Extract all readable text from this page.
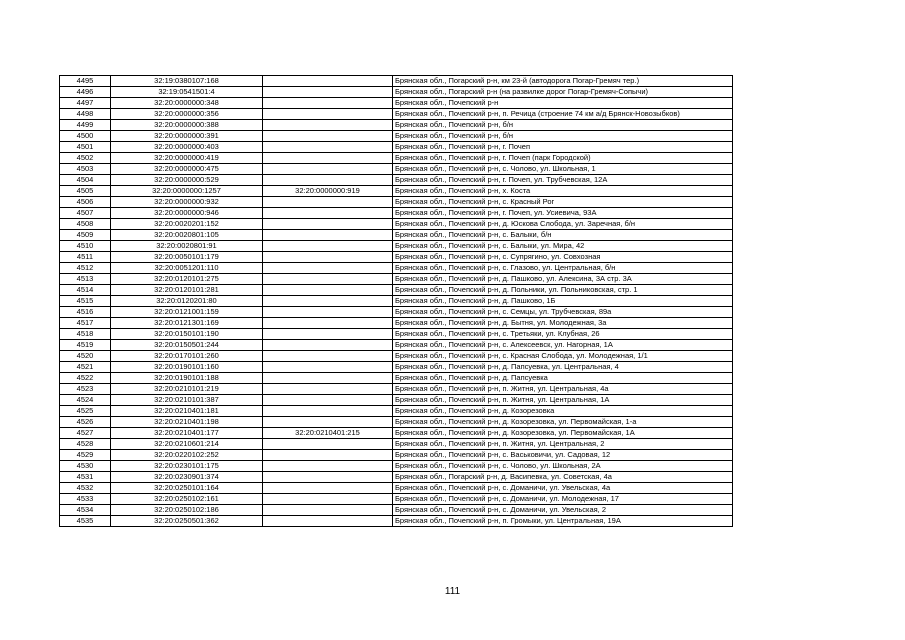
4495	32:19:0380107:168		Брянская обл., Погарский р-н, км 23-й (автодорога Погар-Гремяч тер.)
4496	32:19:0541501:4		Брянская обл., Погарский р-н (на развилке дорог Погар-Гремяч-Сопычи)
4497	32:20:0000000:348		Брянская обл., Почепский р-н
4498	32:20:0000000:356		Брянская обл., Почепский р-н, п. Речица (строение 74 км а/д Брянск-Новозыбков)
4499	32:20:0000000:388		Брянская обл., Почепский р-н, б/н
4500	32:20:0000000:391		Брянская обл., Почепский р-н, б/н
4501	32:20:0000000:403		Брянская обл., Почепский р-н, г. Почеп
4502	32:20:0000000:419		Брянская обл., Почепский р-н, г. Почеп (парк Городской)
4503	32:20:0000000:475		Брянская обл., Почепский р-н, с. Чолово, ул. Школьная, 1
4504	32:20:0000000:529		Брянская обл., Почепский р-н, г. Почеп, ул. Трубчевская, 12А
4505	32:20:0000000:1257	32:20:0000000:919	Брянская обл., Почепский р-н, х. Коста
4506	32:20:0000000:932		Брянская обл., Почепский р-н, с. Красный Рог
4507	32:20:0000000:946		Брянская обл., Почепский р-н, г. Почеп, ул. Усиевича, 93А
4508	32:20:0020201:152		Брянская обл., Почепский р-н, д. Юскова Слобода, ул. Заречная, б/н
4509	32:20:0020801:105		Брянская обл., Почепский р-н, с. Балыки, б/н
4510	32:20:0020801:91		Брянская обл., Почепский р-н, с. Балыки, ул. Мира, 42
4511	32:20:0050101:179		Брянская обл., Почепский р-н, с. Супрягино, ул. Совхозная
4512	32:20:0051201:110		Брянская обл., Почепский р-н, с. Глазово, ул. Центральная, б/н
4513	32:20:0120101:275		Брянская обл., Почепский р-н, д. Пашково, ул. Алексина, 3А стр. 3А
4514	32:20:0120101:281		Брянская обл., Почепский р-н, д. Польники, ул. Польниковская, стр. 1
4515	32:20:0120201:80		Брянская обл., Почепский р-н, д. Пашково, 1Б
4516	32:20:0121001:159		Брянская обл., Почепский р-н, с. Семцы, ул. Трубчевская, 89а
4517	32:20:0121301:169		Брянская обл., Почепский р-н, д. Бытня, ул. Молодежная, 3а
4518	32:20:0150101:190		Брянская обл., Почепский р-н, с. Третьяки, ул. Клубная, 26
4519	32:20:0150501:244		Брянская обл., Почепский р-н, с. Алексеевск, ул. Нагорная, 1А
4520	32:20:0170101:260		Брянская обл., Почепский р-н, с. Красная Слобода, ул. Молодежная, 1/1
4521	32:20:0190101:160		Брянская обл., Почепский р-н, д. Папсуевка, ул. Центральная, 4
4522	32:20:0190101:188		Брянская обл., Почепский р-н, д. Папсуевка
4523	32:20:0210101:219		Брянская обл., Почепский р-н, п. Житня, ул. Центральная, 4а
4524	32:20:0210101:387		Брянская обл., Почепский р-н, п. Житня, ул. Центральная, 1А
4525	32:20:0210401:181		Брянская обл., Почепский р-н, д. Козорезовка
4526	32:20:0210401:198		Брянская обл., Почепский р-н, д. Козорезовка, ул. Первомайская, 1-а
4527	32:20:0210401:177	32:20:0210401:215	Брянская обл., Почепский р-н, д. Козорезовка, ул. Первомайская, 1А
4528	32:20:0210601:214		Брянская обл., Почепский р-н, п. Житня, ул. Центральная, 2
4529	32:20:0220102:252		Брянская обл., Почепский р-н, с. Васьковичи, ул. Садовая, 12
4530	32:20:0230101:175		Брянская обл., Почепский р-н, с. Чолово, ул. Школьная, 2А
4531	32:20:0230901:374		Брянская обл., Погарский р-н, д. Васипевка, ул. Советская, 4а
4532	32:20:0250101:164		Брянская обл., Почепский р-н, с. Доманичи, ул. Увельская, 4а
4533	32:20:0250102:161		Брянская обл., Почепский р-н, с. Доманичи, ул. Молодежная, 17
4534	32:20:0250102:186		Брянская обл., Почепский р-н, с. Доманичи, ул. Увельская, 2
4535	32:20:0250501:362		Брянская обл., Почепский р-н, п. Громыки, ул. Центральная, 19А
111
